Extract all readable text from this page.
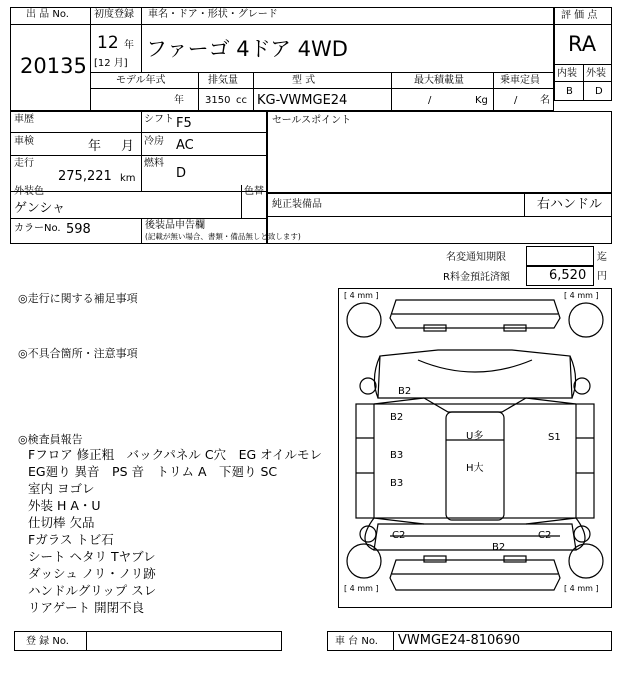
出 品 No.
20135
初度登録 車名・ドア・形状・グレード
12 年
[12 月]
ファーゴ 4ドア 4WD
モデル年式	排気量	型 式	最大積載量	乗車定員
年 3150 cc KG-VWMGE24	/	Kg	/ 名
評 価 点
RA
内装 外装
B D
車歴	シフト F5
車検	年 月 冷房 AC
走行
275,221 km
燃料
D
外装色
ゲンシャ
色替
カラーNo. 598	後装品申告欄
(記載が無い場合、書類・備品無しと致します)
セールスポイント
純正装備品	右ハンドル
名変通知期限	迄
R料金預託済額	6,520 円
◎走行に関する補足事項
◎不具合箇所・注意事項
◎検査員報告
Fフロア 修正粗　バックパネル C穴　EG オイルモレ
EG廻り 異音　PS 音　トリム A　下廻り SC
室内 ヨゴレ
外装 H A・U
仕切棒 欠品
Fガラス トビ石
シート ヘタリ Tヤブレ
ダッシュ ノリ・ノリ跡
ハンドルグリップ スレ
リアゲート 開閉不良
[ 4 mm ]	[ 4 mm ]
[ 4 mm ]	[ 4 mm ]
B2
B2
B3
B3
C2	C2
B2
U多
H大
S1
登 録 No.	車 台 No. VWMGE24-810690
